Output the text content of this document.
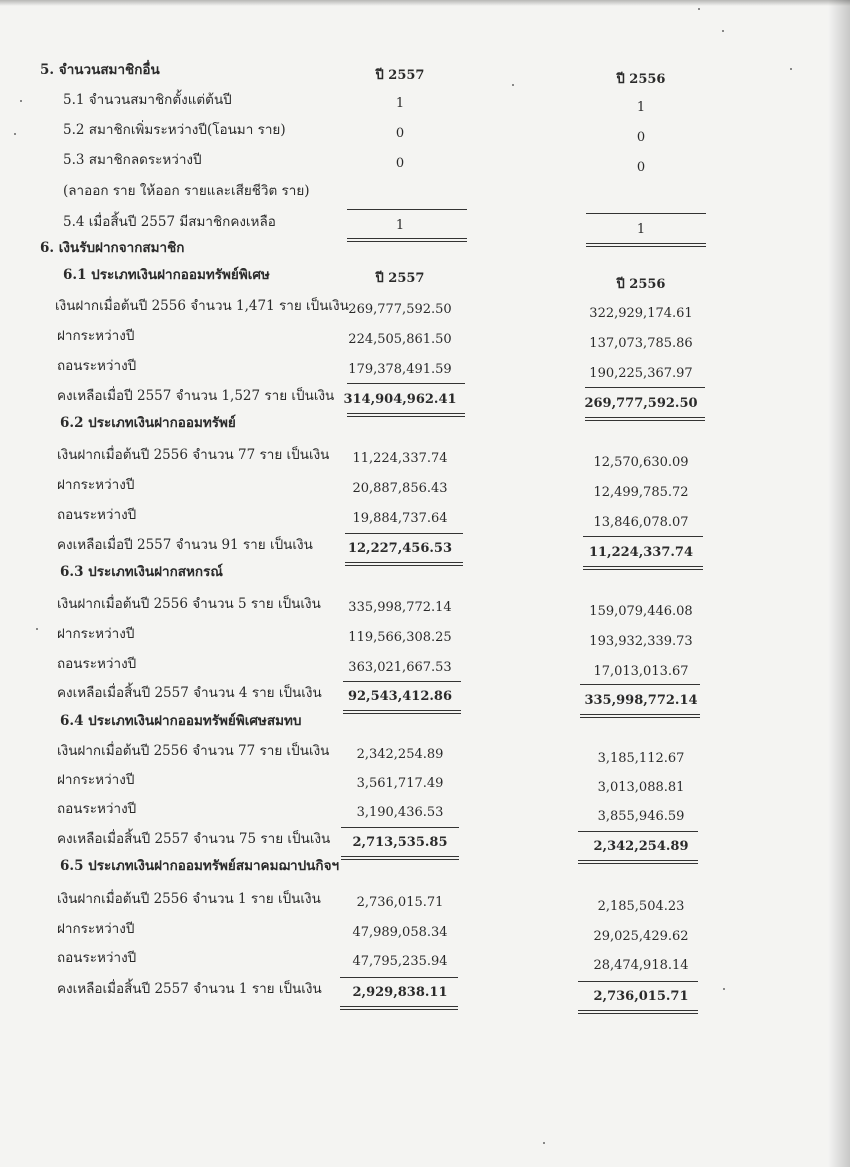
5. จำนวนสมาชิกอื่น	ปี 2557	ปี 2556
5.1 จำนวนสมาชิกตั้งแต่ต้นปี	1	1
5.2 สมาชิกเพิ่มระหว่างปี(โอนมา ราย)	0	0
5.3 สมาชิกลดระหว่างปี	0	0
(ลาออก ราย ให้ออก รายและเสียชีวิต ราย)
5.4 เมื่อสิ้นปี 2557 มีสมาชิกคงเหลือ	1	1
6. เงินรับฝากจากสมาชิก
6.1 ประเภทเงินฝากออมทรัพย์พิเศษ	ปี 2557	ปี 2556
เงินฝากเมื่อต้นปี 2556 จำนวน 1,471 ราย เป็นเงิน 269,777,592.50	322,929,174.61
ฝากระหว่างปี	224,505,861.50	137,073,785.86
ถอนระหว่างปี	179,378,491.59	190,225,367.97
คงเหลือเมื่อปี 2557 จำนวน 1,527 ราย เป็นเงิน 314,904,962.41	269,777,592.50
6.2 ประเภทเงินฝากออมทรัพย์
เงินฝากเมื่อต้นปี 2556 จำนวน 77 ราย เป็นเงิน	11,224,337.74	12,570,630.09
ฝากระหว่างปี	20,887,856.43	12,499,785.72
ถอนระหว่างปี	19,884,737.64	13,846,078.07
คงเหลือเมื่อปี 2557 จำนวน 91 ราย เป็นเงิน	12,227,456.53	11,224,337.74
6.3 ประเภทเงินฝากสหกรณ์
เงินฝากเมื่อต้นปี 2556 จำนวน 5 ราย เป็นเงิน	335,998,772.14	159,079,446.08
ฝากระหว่างปี	119,566,308.25	193,932,339.73
ถอนระหว่างปี	363,021,667.53	17,013,013.67
คงเหลือเมื่อสิ้นปี 2557 จำนวน 4 ราย เป็นเงิน	92,543,412.86	335,998,772.14
6.4 ประเภทเงินฝากออมทรัพย์พิเศษสมทบ
เงินฝากเมื่อต้นปี 2556 จำนวน 77 ราย เป็นเงิน	2,342,254.89	3,185,112.67
ฝากระหว่างปี	3,561,717.49	3,013,088.81
ถอนระหว่างปี	3,190,436.53	3,855,946.59
คงเหลือเมื่อสิ้นปี 2557 จำนวน 75 ราย เป็นเงิน	2,713,535.85	2,342,254.89
6.5 ประเภทเงินฝากออมทรัพย์สมาคมฌาปนกิจฯ
เงินฝากเมื่อต้นปี 2556 จำนวน 1 ราย เป็นเงิน	2,736,015.71	2,185,504.23
ฝากระหว่างปี	47,989,058.34	29,025,429.62
ถอนระหว่างปี	47,795,235.94	28,474,918.14
คงเหลือเมื่อสิ้นปี 2557 จำนวน 1 ราย เป็นเงิน	2,929,838.11	2,736,015.71
